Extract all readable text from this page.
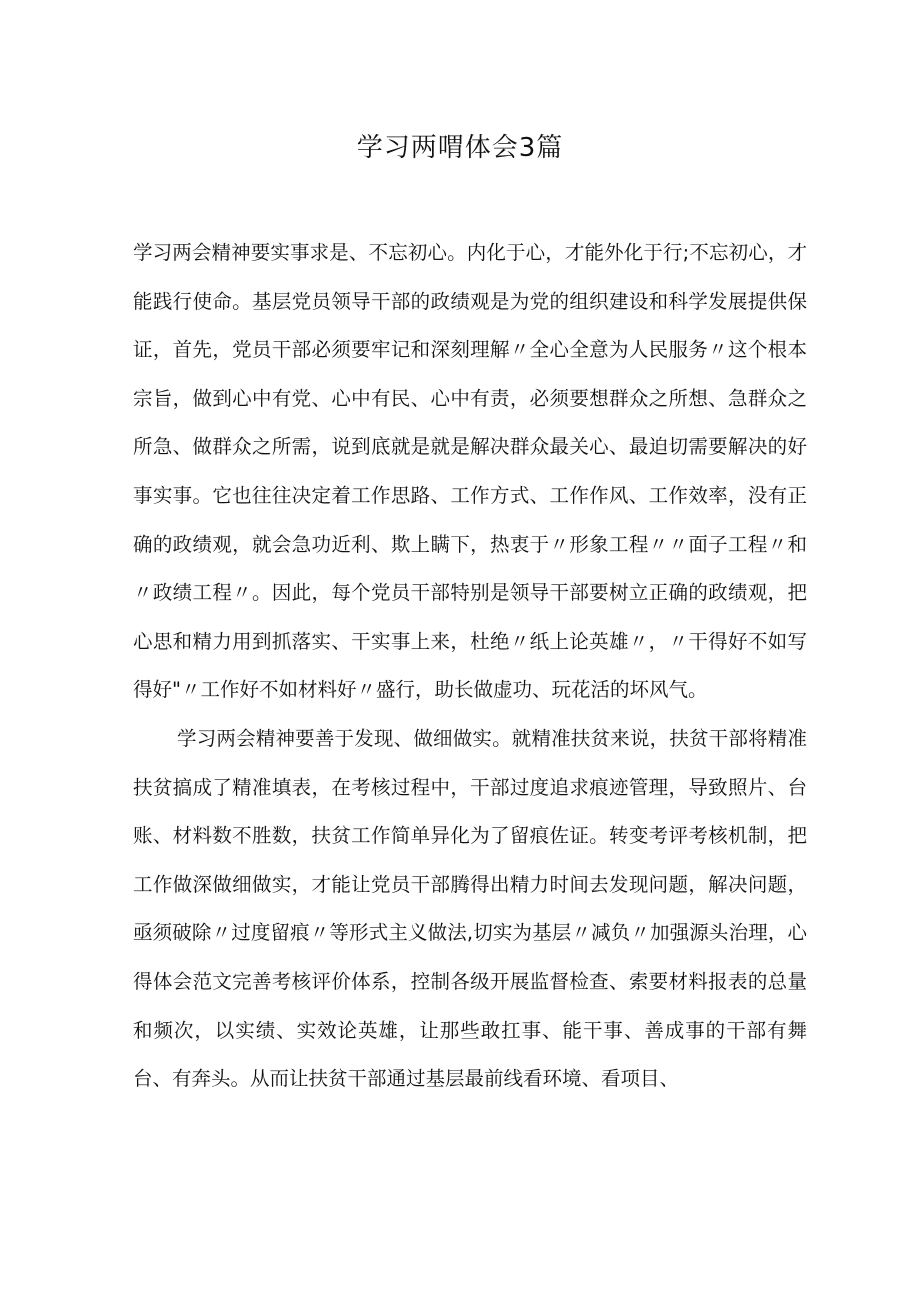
学习两喟体会3篇

学习两会精神要实事求是、不忘初心。内化于心，才能外化于行;不忘初心，才能践行使命。基层党员领导干部的政绩观是为党的组织建设和科学发展提供保证，首先，党员干部必须要牢记和深刻理解〃全心全意为人民服务〃这个根本宗旨，做到心中有党、心中有民、心中有责，必须要想群众之所想、急群众之所急、做群众之所需，说到底就是就是解决群众最关心、最迫切需要解决的好事实事。它也往往决定着工作思路、工作方式、工作作风、工作效率，没有正确的政绩观，就会急功近利、欺上瞒下，热衷于〃形象工程〃〃面子工程〃和〃政绩工程〃。因此，每个党员干部特别是领导干部要树立正确的政绩观，把心思和精力用到抓落实、干实事上来，杜绝〃纸上论英雄〃，〃干得好不如写得好"〃工作好不如材料好〃盛行，助长做虚功、玩花活的坏风气。

学习两会精神要善于发现、做细做实。就精准扶贫来说，扶贫干部将精准扶贫搞成了精准填表，在考核过程中，干部过度追求痕迹管理，导致照片、台账、材料数不胜数，扶贫工作简单异化为了留痕佐证。转变考评考核机制，把工作做深做细做实，才能让党员干部腾得出精力时间去发现问题，解决问题，亟须破除〃过度留痕〃等形式主义做法,切实为基层〃减负〃加强源头治理，心得体会范文完善考核评价体系，控制各级开展监督检查、索要材料报表的总量和频次，以实绩、实效论英雄，让那些敢扛事、能干事、善成事的干部有舞台、有奔头。从而让扶贫干部通过基层最前线看环境、看项目、
